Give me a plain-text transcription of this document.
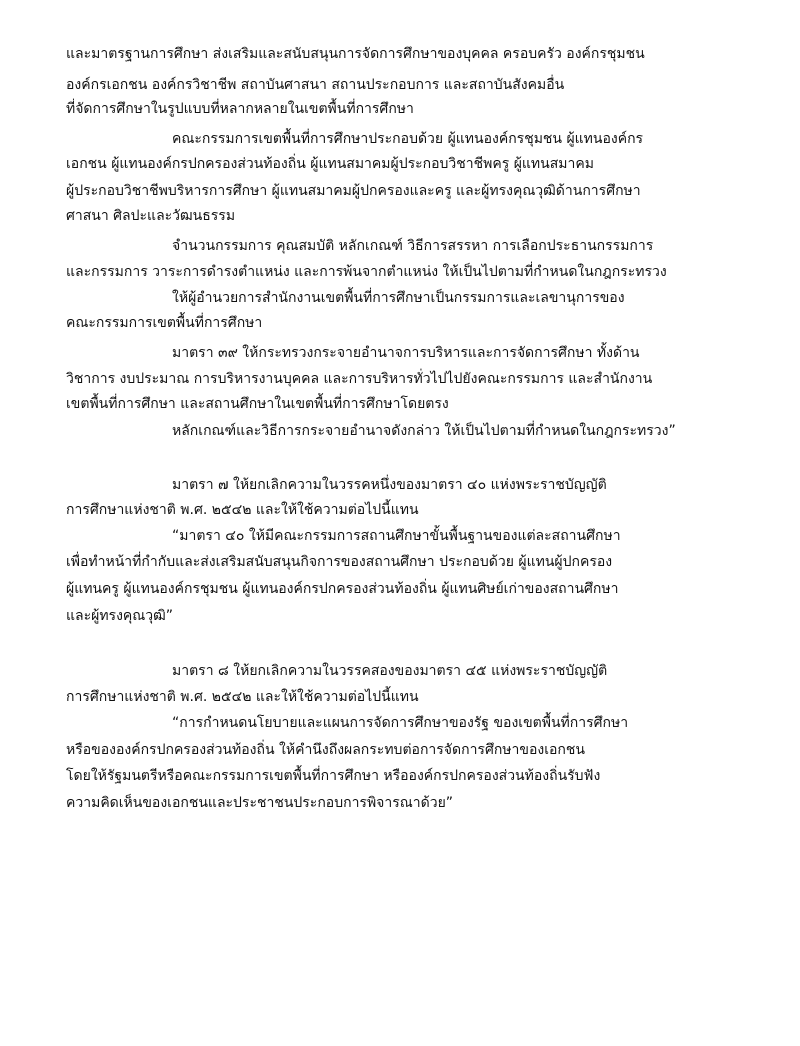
และมาตรฐานการศึกษา ส่งเสริมและสนับสนุนการจัดการศึกษาของบุคคล ครอบครัว องค์กรชุมชน
องค์กรเอกชน องค์กรวิชาชีพ สถาบันศาสนา สถานประกอบการ และสถาบันสังคมอื่น
ที่จัดการศึกษาในรูปแบบที่หลากหลายในเขตพื้นที่การศึกษา
คณะกรรมการเขตพื้นที่การศึกษาประกอบด้วย ผู้แทนองค์กรชุมชน ผู้แทนองค์กร
เอกชน ผู้แทนองค์กรปกครองส่วนท้องถิ่น ผู้แทนสมาคมผู้ประกอบวิชาชีพครู ผู้แทนสมาคม
ผู้ประกอบวิชาชีพบริหารการศึกษา ผู้แทนสมาคมผู้ปกครองและครู และผู้ทรงคุณวุฒิด้านการศึกษา
ศาสนา ศิลปะและวัฒนธรรม
จำนวนกรรมการ คุณสมบัติ หลักเกณฑ์ วิธีการสรรหา การเลือกประธานกรรมการ
และกรรมการ วาระการดำรงตำแหน่ง และการพ้นจากตำแหน่ง ให้เป็นไปตามที่กำหนดในกฎกระทรวง
ให้ผู้อำนวยการสำนักงานเขตพื้นที่การศึกษาเป็นกรรมการและเลขานุการของ
คณะกรรมการเขตพื้นที่การศึกษา
มาตรา ๓๙ ให้กระทรวงกระจายอำนาจการบริหารและการจัดการศึกษา ทั้งด้าน
วิชาการ งบประมาณ การบริหารงานบุคคล และการบริหารทั่วไปไปยังคณะกรรมการ และสำนักงาน
เขตพื้นที่การศึกษา และสถานศึกษาในเขตพื้นที่การศึกษาโดยตรง
หลักเกณฑ์และวิธีการกระจายอำนาจดังกล่าว ให้เป็นไปตามที่กำหนดในกฎกระทรวง”
มาตรา ๗ ให้ยกเลิกความในวรรคหนึ่งของมาตรา ๔๐ แห่งพระราชบัญญัติ
การศึกษาแห่งชาติ พ.ศ. ๒๕๔๒ และให้ใช้ความต่อไปนี้แทน
“มาตรา ๔๐ ให้มีคณะกรรมการสถานศึกษาขั้นพื้นฐานของแต่ละสถานศึกษา
เพื่อทำหน้าที่กำกับและส่งเสริมสนับสนุนกิจการของสถานศึกษา ประกอบด้วย ผู้แทนผู้ปกครอง
ผู้แทนครู ผู้แทนองค์กรชุมชน ผู้แทนองค์กรปกครองส่วนท้องถิ่น ผู้แทนศิษย์เก่าของสถานศึกษา
และผู้ทรงคุณวุฒิ”
มาตรา ๘ ให้ยกเลิกความในวรรคสองของมาตรา ๔๕ แห่งพระราชบัญญัติ
การศึกษาแห่งชาติ พ.ศ. ๒๕๔๒ และให้ใช้ความต่อไปนี้แทน
“การกำหนดนโยบายและแผนการจัดการศึกษาของรัฐ ของเขตพื้นที่การศึกษา
หรือขององค์กรปกครองส่วนท้องถิ่น ให้คำนึงถึงผลกระทบต่อการจัดการศึกษาของเอกชน
โดยให้รัฐมนตรีหรือคณะกรรมการเขตพื้นที่การศึกษา หรือองค์กรปกครองส่วนท้องถิ่นรับฟัง
ความคิดเห็นของเอกชนและประชาชนประกอบการพิจารณาด้วย”
